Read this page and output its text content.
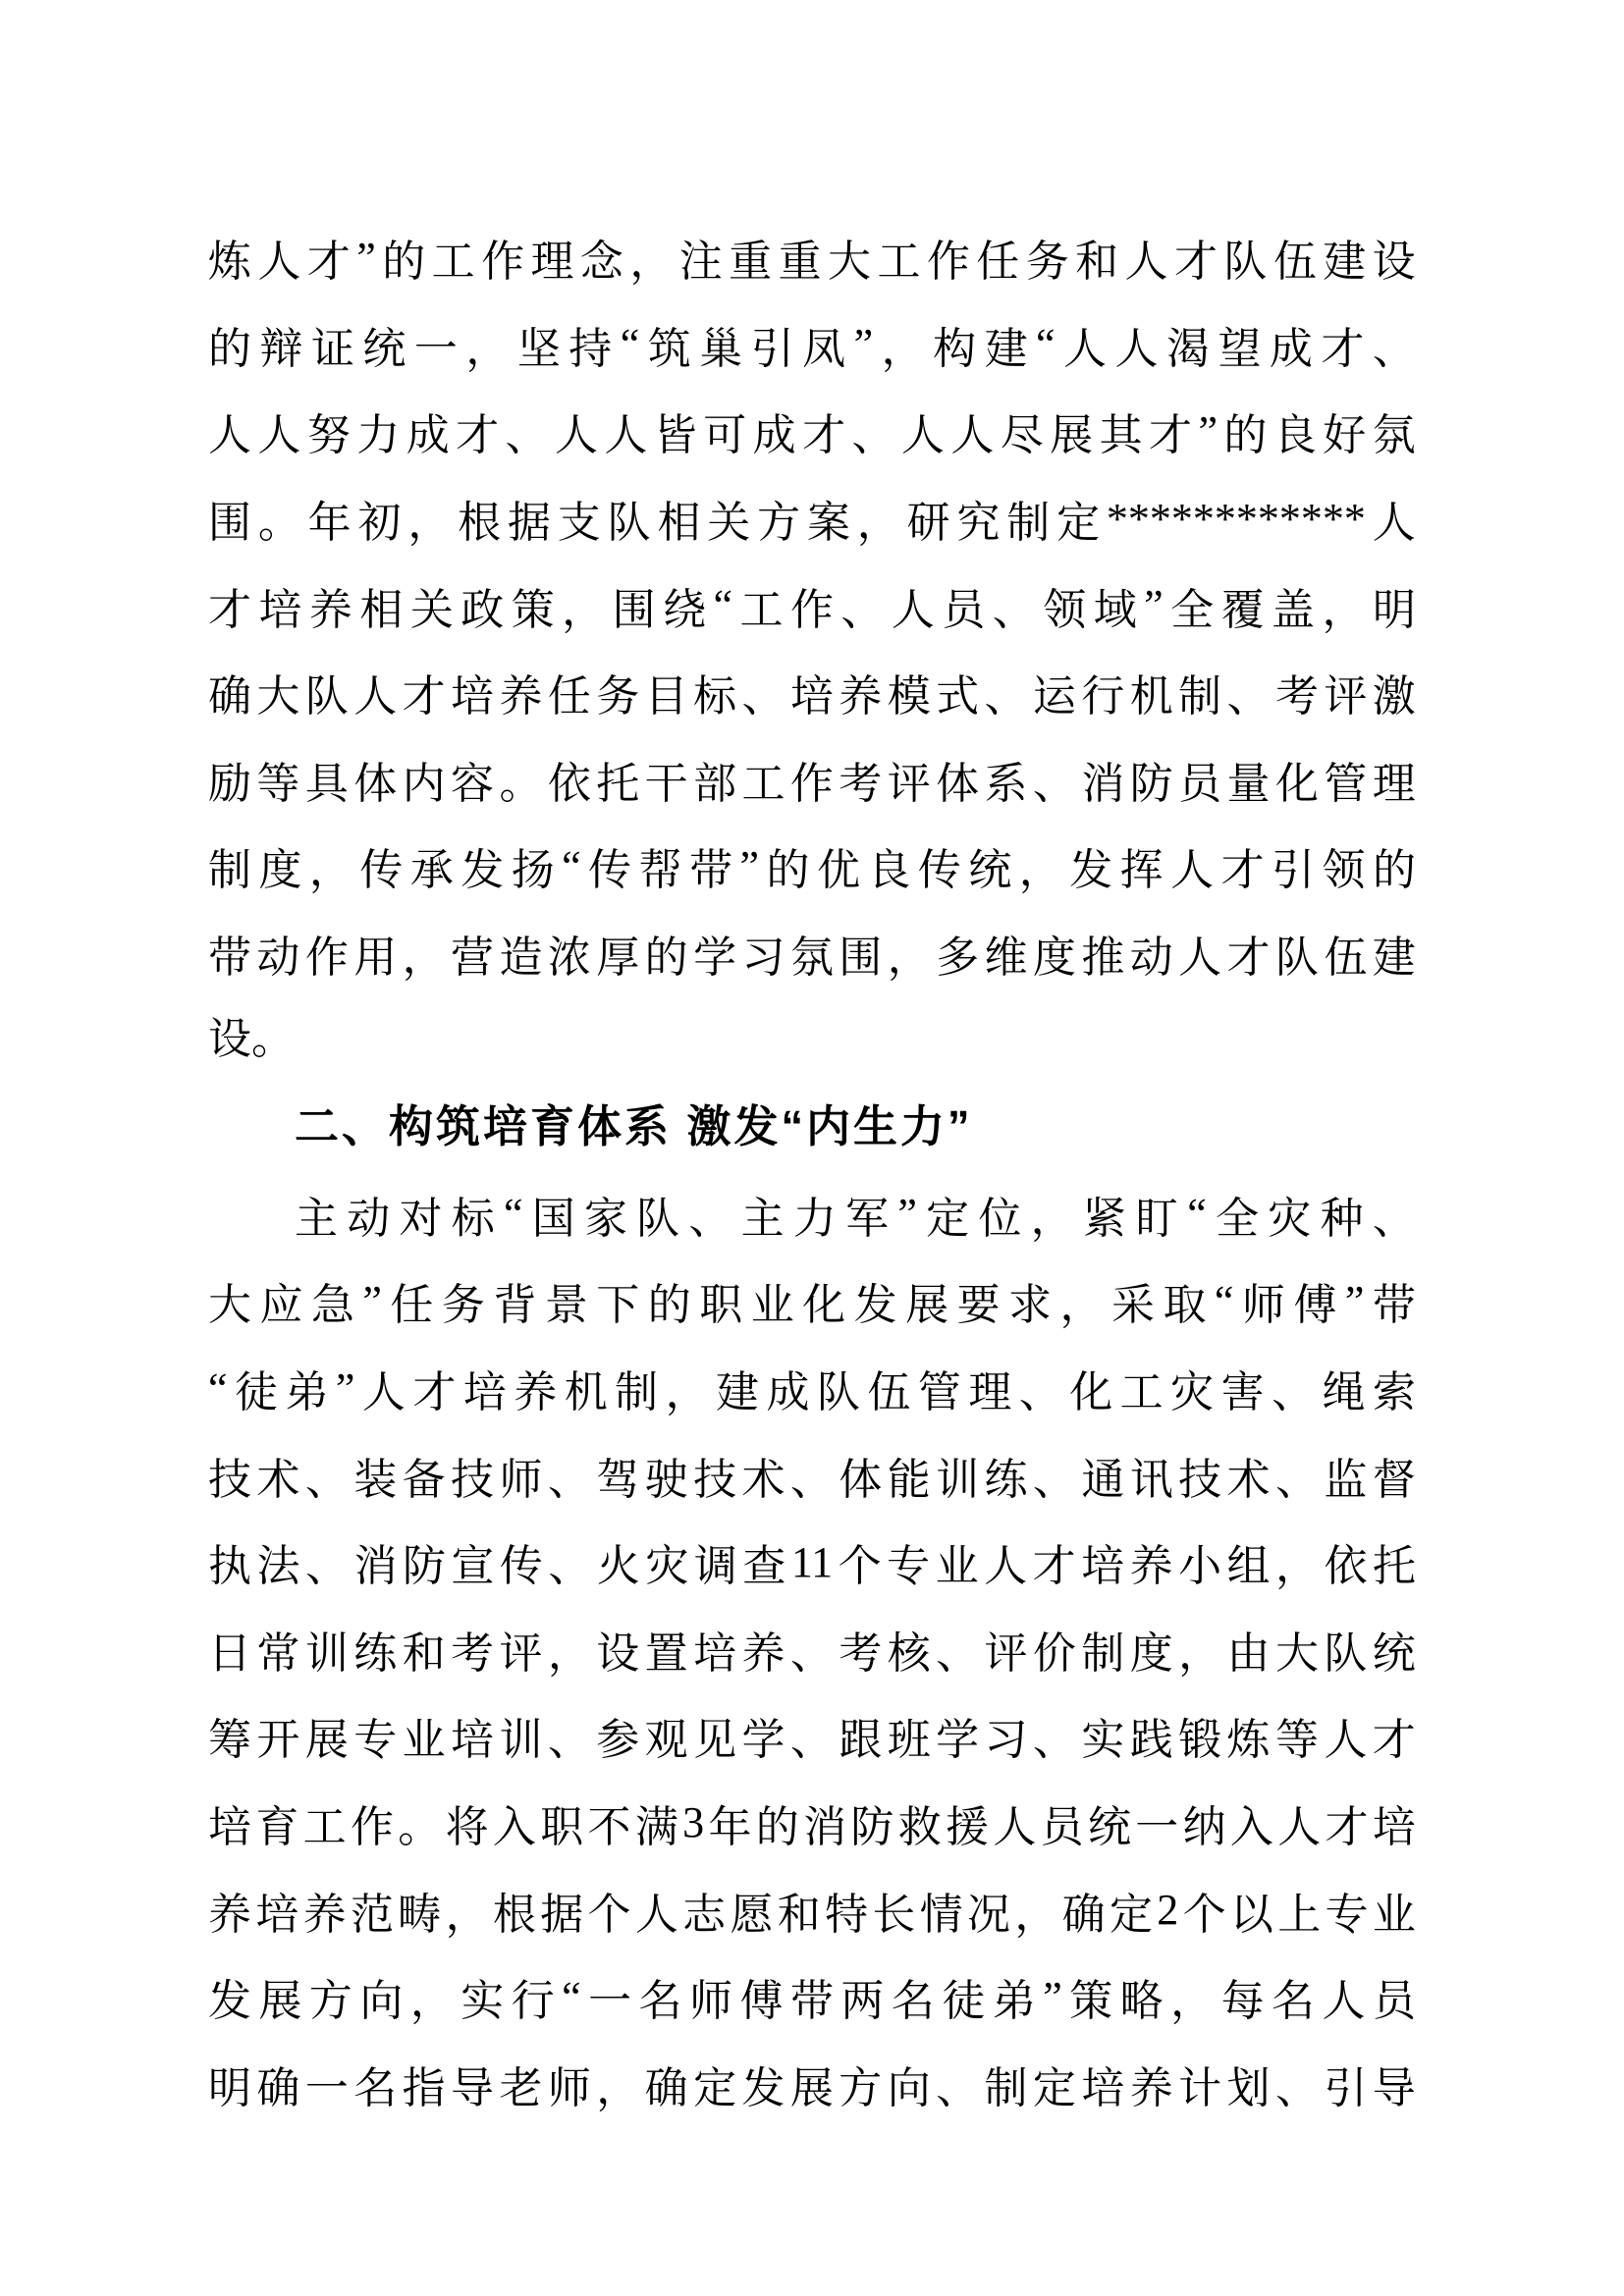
炼 人 才 ” 的 工 作 理 念 ， 注 重 重 大 工 作 任 务 和 人 才 队 伍 建 设
的 辩 证 统 一 ， 坚 持 “ 筑 巢 引 凤 ” ， 构 建 “ 人 人 渴 望 成 才 、
人 人 努 力 成 才 、 人 人 皆 可 成 才 、 人 人 尽 展 其 才 ” 的 良 好 氛
围 。 年 初 ， 根 据 支 队 相 关 方 案 ， 研 究 制 定 ************ 人
才 培 养 相 关 政 策 ， 围 绕 “ 工 作 、 人 员 、 领 域 ” 全 覆 盖 ， 明
确 大 队 人 才 培 养 任 务 目 标 、 培 养 模 式 、 运 行 机 制 、 考 评 激
励 等 具 体 内 容 。 依 托 干 部 工 作 考 评 体 系 、 消 防 员 量 化 管 理
制 度 ， 传 承 发 扬 “ 传 帮 带 ” 的 优 良 传 统 ， 发 挥 人 才 引 领 的
带 动 作 用 ， 营 造 浓 厚 的 学 习 氛 围 ， 多 维 度 推 动 人 才 队 伍 建
设。
二、构筑培育体系 激发“内生力”
主 动 对 标 “ 国 家 队 、 主 力 军 ” 定 位 ， 紧 盯 “ 全 灾 种 、
大 应 急 ” 任 务 背 景 下 的 职 业 化 发 展 要 求 ， 采 取 “ 师 傅 ” 带
“ 徒 弟 ” 人 才 培 养 机 制 ， 建 成 队 伍 管 理 、 化 工 灾 害 、 绳 索
技 术 、 装 备 技 师 、 驾 驶 技 术 、 体 能 训 练 、 通 讯 技 术 、 监 督
执 法 、 消 防 宣 传 、 火 灾 调 查 11 个 专 业 人 才 培 养 小 组 ， 依 托
日 常 训 练 和 考 评 ， 设 置 培 养 、 考 核 、 评 价 制 度 ， 由 大 队 统
筹 开 展 专 业 培 训 、 参 观 见 学 、 跟 班 学 习 、 实 践 锻 炼 等 人 才
培 育 工 作 。 将 入 职 不 满 3 年 的 消 防 救 援 人 员 统 一 纳 入 人 才 培
养 培 养 范 畴 ， 根 据 个 人 志 愿 和 特 长 情 况 ， 确 定 2 个 以 上 专 业
发 展 方 向 ， 实 行 “ 一 名 师 傅 带 两 名 徒 弟 ” 策 略 ， 每 名 人 员
明 确 一 名 指 导 老 师 ， 确 定 发 展 方 向 、 制 定 培 养 计 划 、 引 导
